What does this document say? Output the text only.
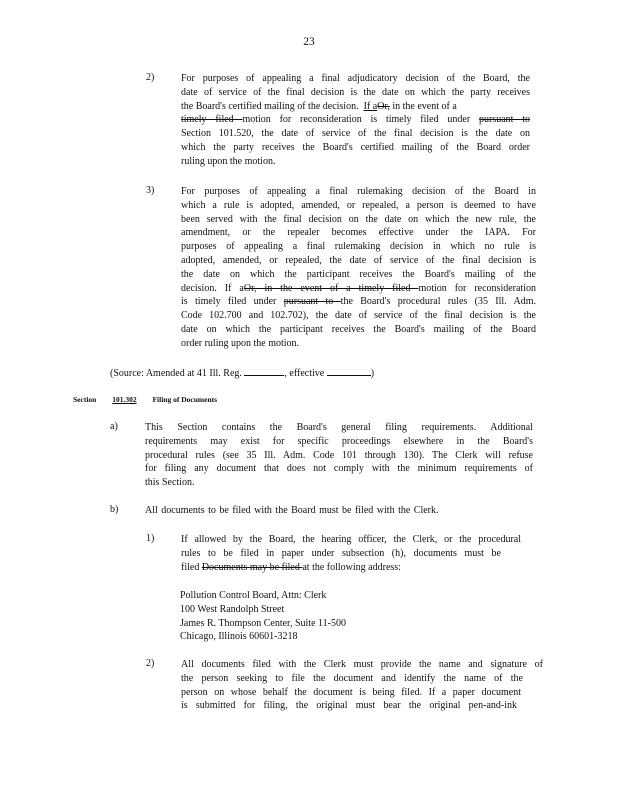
23
2)	For purposes of appealing a final adjudicatory decision of the Board, the
date of service of the final decision is the date on which the party receives
the Board's certified mailing of the decision. If aOr, in the event of a
timely filed motion for reconsideration is timely filed under pursuant to
Section 101.520, the date of service of the final decision is the date on
which the party receives the Board's certified mailing of the Board order
ruling upon the motion.
3)	For purposes of appealing a final rulemaking decision of the Board in
which a rule is adopted, amended, or repealed, a person is deemed to have
been served with the final decision on the date on which the new rule, the
amendment, or the repealer becomes effective under the IAPA. For
purposes of appealing a final rulemaking decision in which no rule is
adopted, amended, or repealed, the date of service of the final decision is
the date on which the participant receives the Board's mailing of the
decision. If aOr, in the event of a timely filed motion for reconsideration
is timely filed under pursuant to the Board's procedural rules (35 Ill. Adm.
Code 102.700 and 102.702), the date of service of the final decision is the
date on which the participant receives the Board's mailing of the Board
order ruling upon the motion.
(Source: Amended at 41 Ill. Reg.	, effective	)
Section 101.302 Filing of Documents
a)	This Section contains the Board's general filing requirements. Additional
requirements may exist for specific proceedings elsewhere in the Board's
procedural rules (see 35 Ill. Adm. Code 101 through 130). The Clerk will refuse
for filing any document that does not comply with the minimum requirements of
this Section.
b)	All documents to be filed with the Board must be filed with the Clerk.
1)	If allowed by the Board, the hearing officer, the Clerk, or the procedural
rules to be filed in paper under subsection (h), documents must be
filed Documents may be filed at the following address:
Pollution Control Board, Attn: Clerk
100 West Randolph Street
James R. Thompson Center, Suite 11-500
Chicago, Illinois 60601-3218
2)	All documents filed with the Clerk must provide the name and signature of
the person seeking to file the document and identify the name of the
person on whose behalf the document is being filed. If a paper document
is submitted for filing, the original must bear the original pen-and-ink
